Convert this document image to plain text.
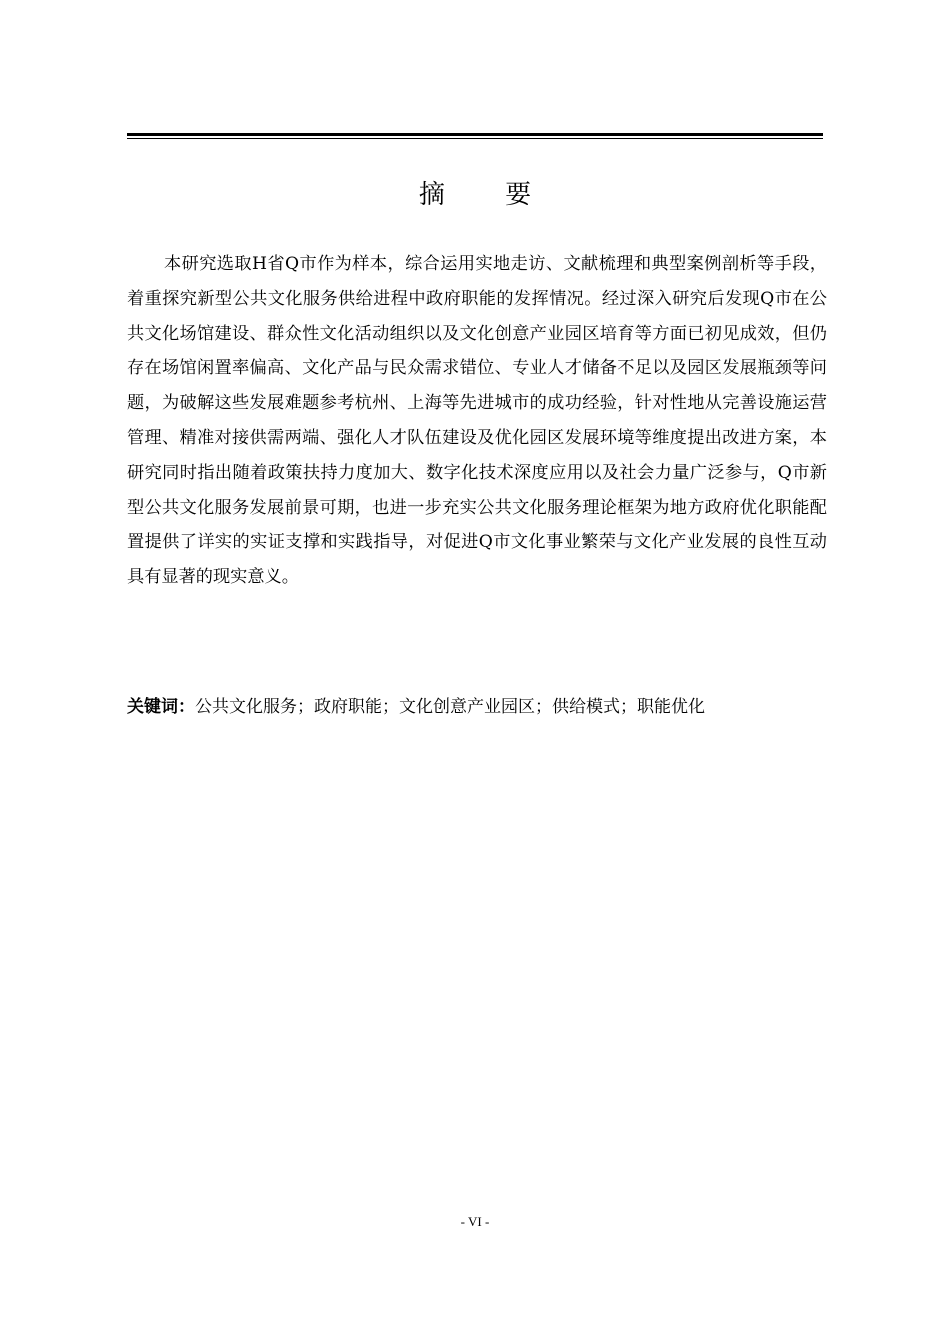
摘 要

本研究选取H省Q市作为样本，综合运用实地走访、文献梳理和典型案例剖析等手段，着重探究新型公共文化服务供给进程中政府职能的发挥情况。经过深入研究后发现Q市在公共文化场馆建设、群众性文化活动组织以及文化创意产业园区培育等方面已初见成效，但仍存在场馆闲置率偏高、文化产品与民众需求错位、专业人才储备不足以及园区发展瓶颈等问题，为破解这些发展难题参考杭州、上海等先进城市的成功经验，针对性地从完善设施运营管理、精准对接供需两端、强化人才队伍建设及优化园区发展环境等维度提出改进方案，本研究同时指出随着政策扶持力度加大、数字化技术深度应用以及社会力量广泛参与，Q市新型公共文化服务发展前景可期，也进一步充实公共文化服务理论框架为地方政府优化职能配置提供了详实的实证支撑和实践指导，对促进Q市文化事业繁荣与文化产业发展的良性互动具有显著的现实意义。

关键词：公共文化服务；政府职能；文化创意产业园区；供给模式；职能优化
- VI -
